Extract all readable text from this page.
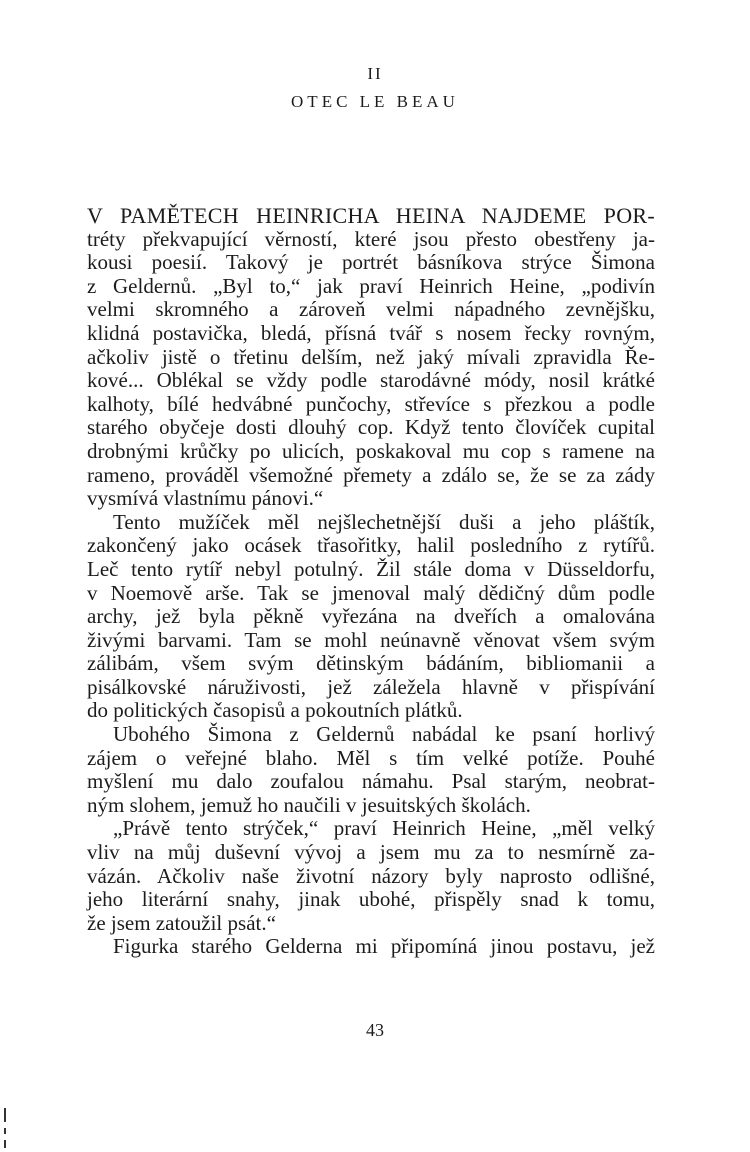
II
OTEC LE BEAU
V PAMĚTECH HEINRICHA HEINA NAJDEME POR-
tréty překvapující věrností, které jsou přesto obestřeny ja-
kousi poesií. Takový je portrét básníkova strýce Šimona
z Geldernů. „Byl to,“ jak praví Heinrich Heine, „podivín
velmi skromného a zároveň velmi nápadného zevnějšku,
klidná postavička, bledá, přísná tvář s nosem řecky rovným,
ačkoliv jistě o třetinu delším, než jaký mívali zpravidla Ře-
kové... Oblékal se vždy podle starodávné módy, nosil krátké
kalhoty, bílé hedvábné punčochy, střevíce s přezkou a podle
starého obyčeje dosti dlouhý cop. Když tento človíček cupital
drobnými krůčky po ulicích, poskakoval mu cop s ramene na
rameno, prováděl všemožné přemety a zdálo se, že se za zády
vysmívá vlastnímu pánovi.“
Tento mužíček měl nejšlechetnější duši a jeho pláštík,
zakončený jako ocásek třasořitky, halil posledního z rytířů.
Leč tento rytíř nebyl potulný. Žil stále doma v Düsseldorfu,
v Noemově arše. Tak se jmenoval malý dědičný dům podle
archy, jež byla pěkně vyřezána na dveřích a omalována
živými barvami. Tam se mohl neúnavně věnovat všem svým
zálibám, všem svým dětinským bádáním, bibliomanii a
pisálkovské náruživosti, jež záležela hlavně v přispívání
do politických časopisů a pokoutních plátků.
Ubohého Šimona z Geldernů nabádal ke psaní horlivý
zájem o veřejné blaho. Měl s tím velké potíže. Pouhé
myšlení mu dalo zoufalou námahu. Psal starým, neobrat-
ným slohem, jemuž ho naučili v jesuitských školách.
„Právě tento strýček,“ praví Heinrich Heine, „měl velký
vliv na můj duševní vývoj a jsem mu za to nesmírně za-
vázán. Ačkoliv naše životní názory byly naprosto odlišné,
jeho literární snahy, jinak ubohé, přispěly snad k tomu,
že jsem zatoužil psát.“
Figurka starého Gelderna mi připomíná jinou postavu, jež
43
